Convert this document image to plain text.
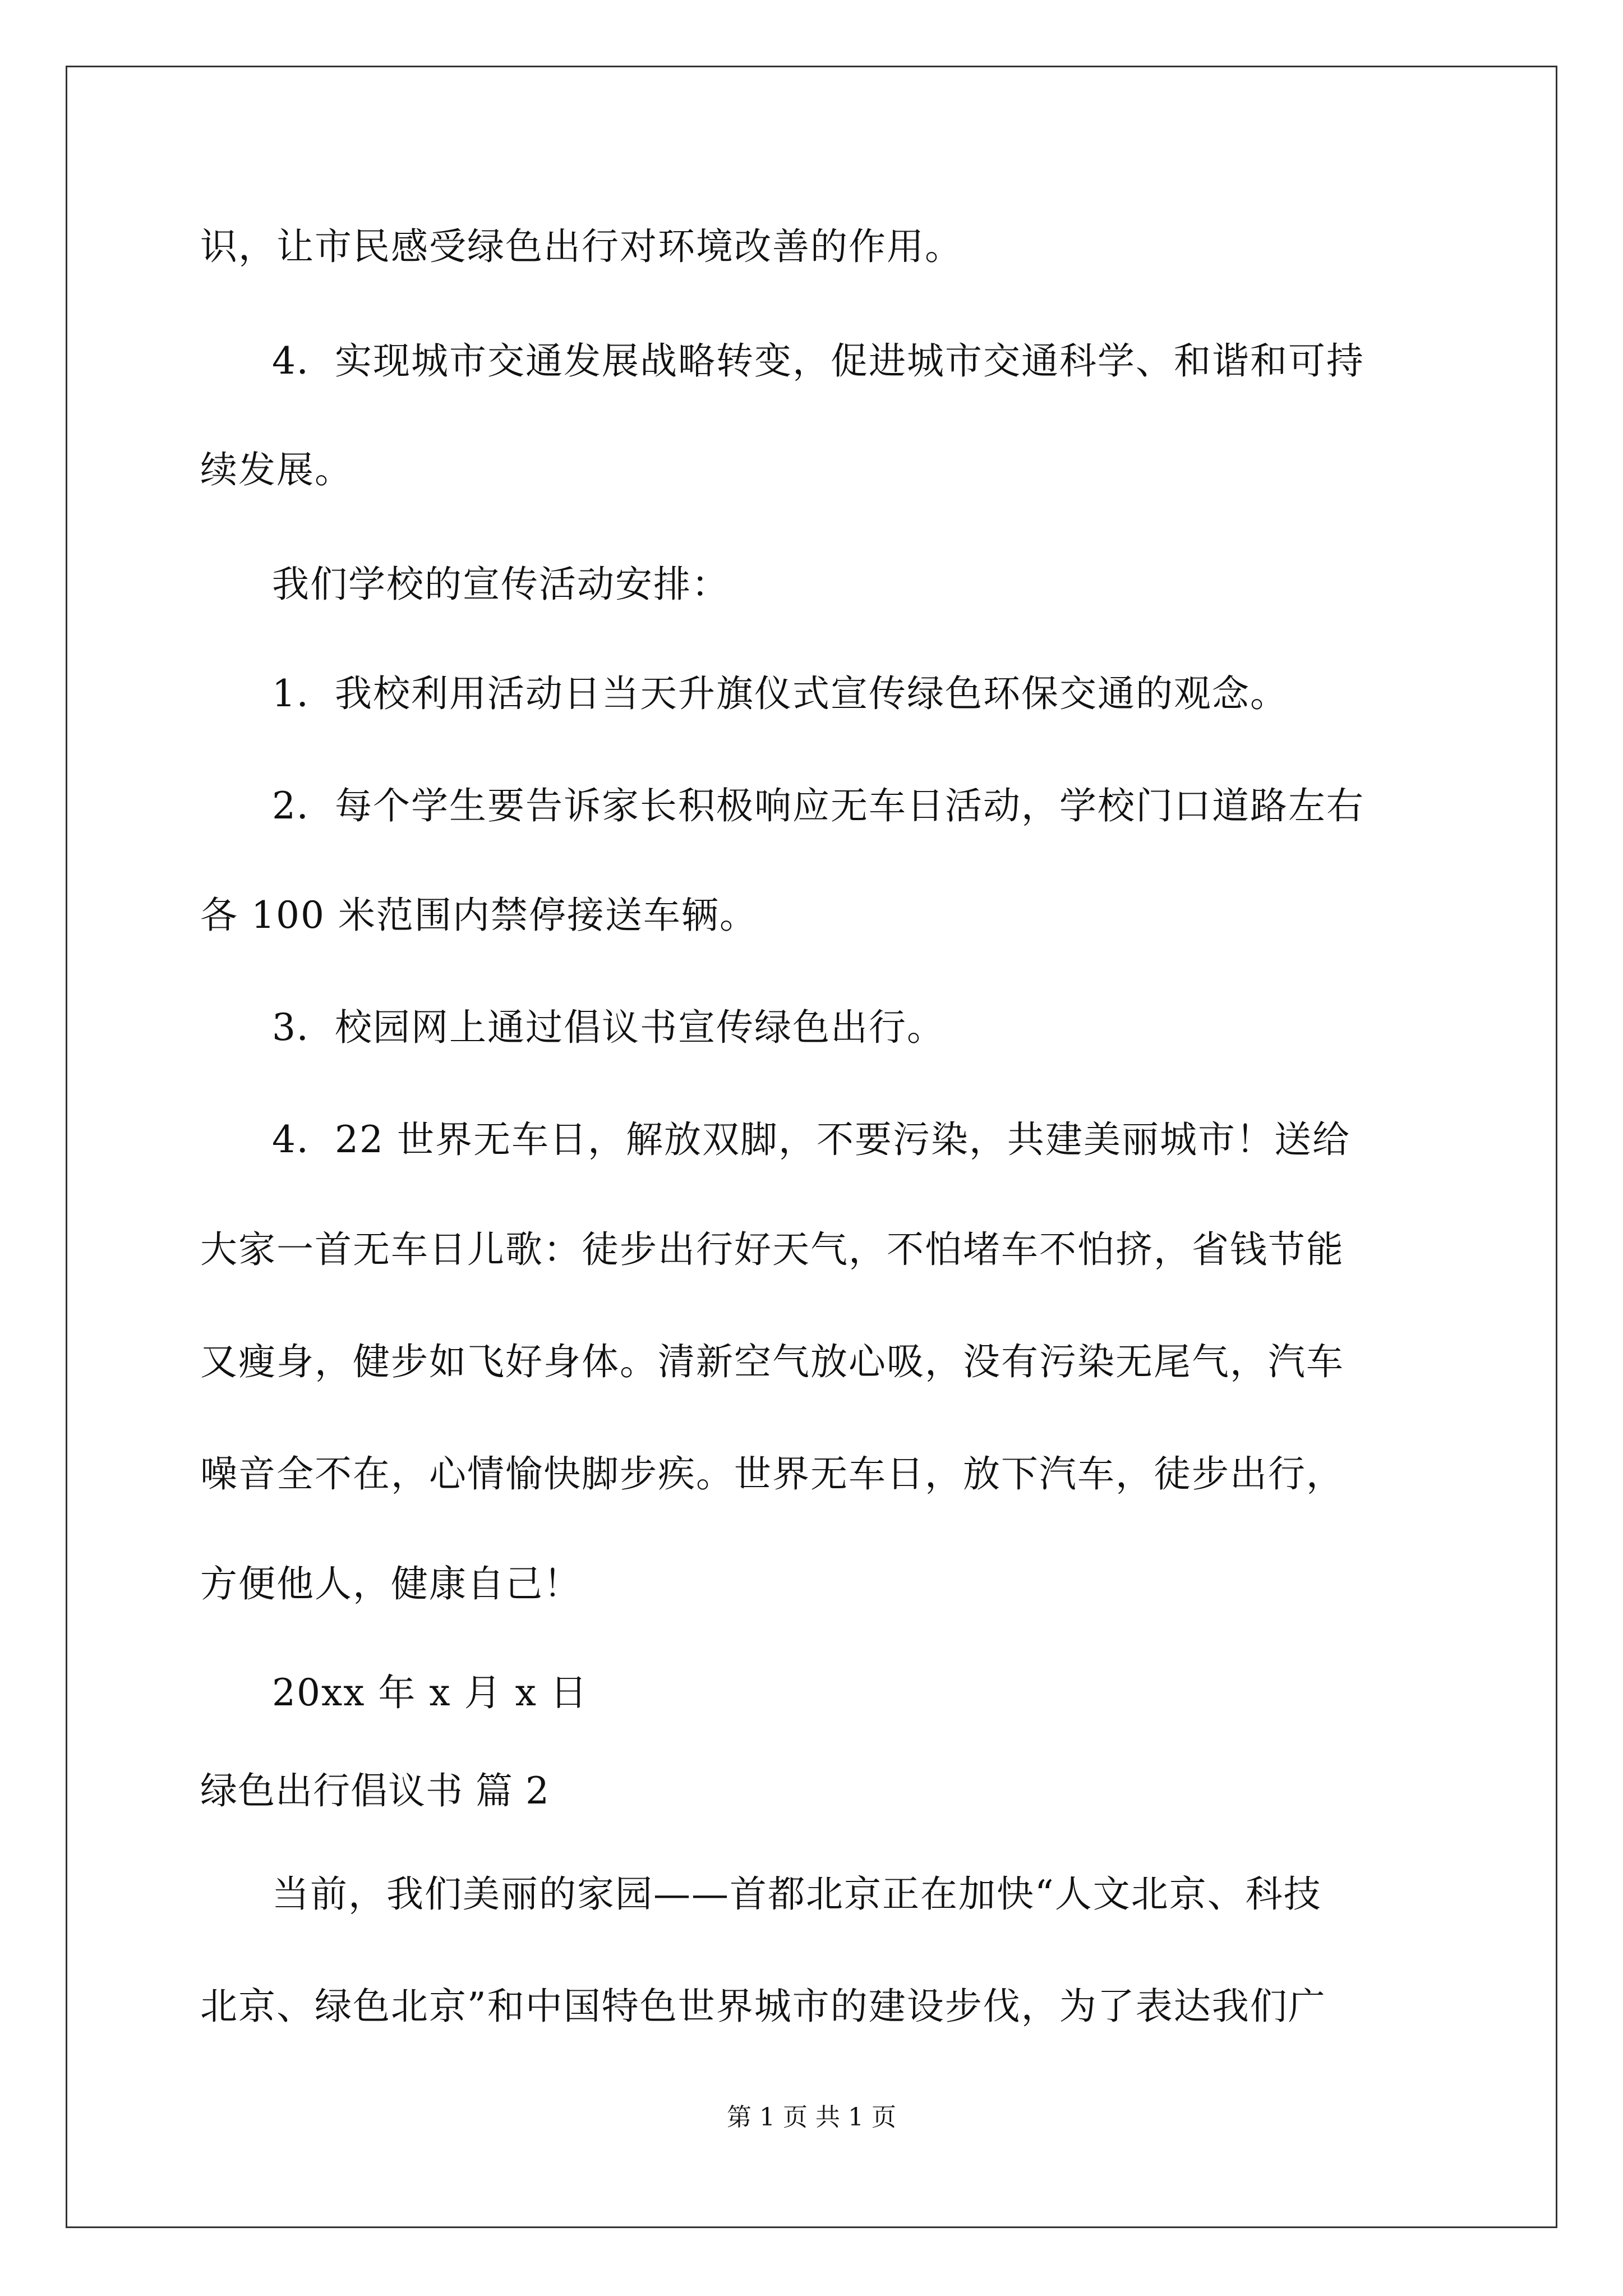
识，让市民感受绿色出行对环境改善的作用。
4．实现城市交通发展战略转变，促进城市交通科学、和谐和可持
续发展。
我们学校的宣传活动安排：
1．我校利用活动日当天升旗仪式宣传绿色环保交通的观念。
2．每个学生要告诉家长积极响应无车日活动，学校门口道路左右
各 100 米范围内禁停接送车辆。
3．校园网上通过倡议书宣传绿色出行。
4．22 世界无车日，解放双脚，不要污染，共建美丽城市！送给
大家一首无车日儿歌：徒步出行好天气，不怕堵车不怕挤，省钱节能
又瘦身，健步如飞好身体。清新空气放心吸，没有污染无尾气，汽车
噪音全不在，心情愉快脚步疾。世界无车日，放下汽车，徒步出行，
方便他人，健康自己！
20xx 年 x 月 x 日
绿色出行倡议书 篇 2
当前，我们美丽的家园——首都北京正在加快“人文北京、科技
北京、绿色北京”和中国特色世界城市的建设步伐，为了表达我们广
第 1 页 共 1 页
